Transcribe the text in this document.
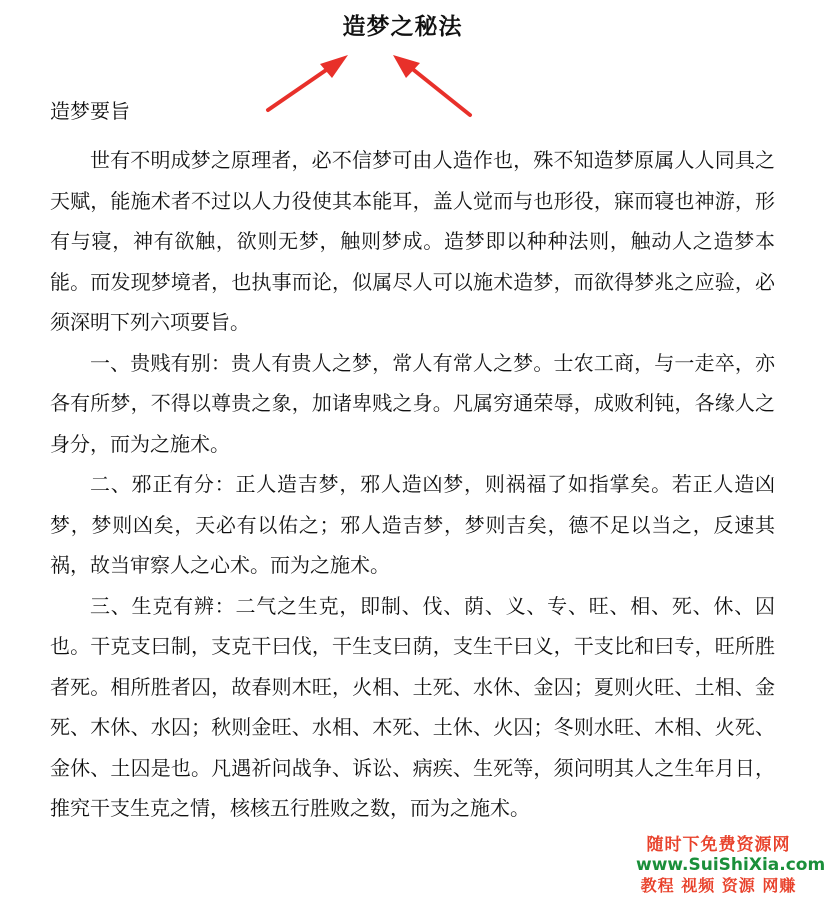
造梦之秘法
造梦要旨

世有不明成梦之原理者，必不信梦可由人造作也，殊不知造梦原属人人同具之天赋，能施术者不过以人力役使其本能耳，盖人觉而与也形役，寐而寝也神游，形有与寝，神有欲触，欲则无梦，触则梦成。造梦即以种种法则，触动人之造梦本能。而发现梦境者，也执事而论，似属尽人可以施术造梦，而欲得梦兆之应验，必须深明下列六项要旨。

一、贵贱有别：贵人有贵人之梦，常人有常人之梦。士农工商，与一走卒，亦各有所梦，不得以尊贵之象，加诸卑贱之身。凡属穷通荣辱，成败利钝，各缘人之身分，而为之施术。

二、邪正有分：正人造吉梦，邪人造凶梦，则祸福了如指掌矣。若正人造凶梦，梦则凶矣，天必有以佑之；邪人造吉梦，梦则吉矣，德不足以当之，反速其祸，故当审察人之心术。而为之施术。

三、生克有辨：二气之生克，即制、伐、荫、义、专、旺、相、死、休、囚也。干克支曰制，支克干曰伐，干生支曰荫，支生干曰义，干支比和曰专，旺所胜者死。相所胜者囚，故春则木旺，火相、土死、水休、金囚；夏则火旺、土相、金死、木休、水囚；秋则金旺、水相、木死、土休、火囚；冬则水旺、木相、火死、金休、土囚是也。凡遇祈问战争、诉讼、病疾、生死等，须问明其人之生年月日，推究干支生克之情，核核五行胜败之数，而为之施术。

随时下免费资源网
www.SuiShiXia.com
教程 视频 资源 网赚
